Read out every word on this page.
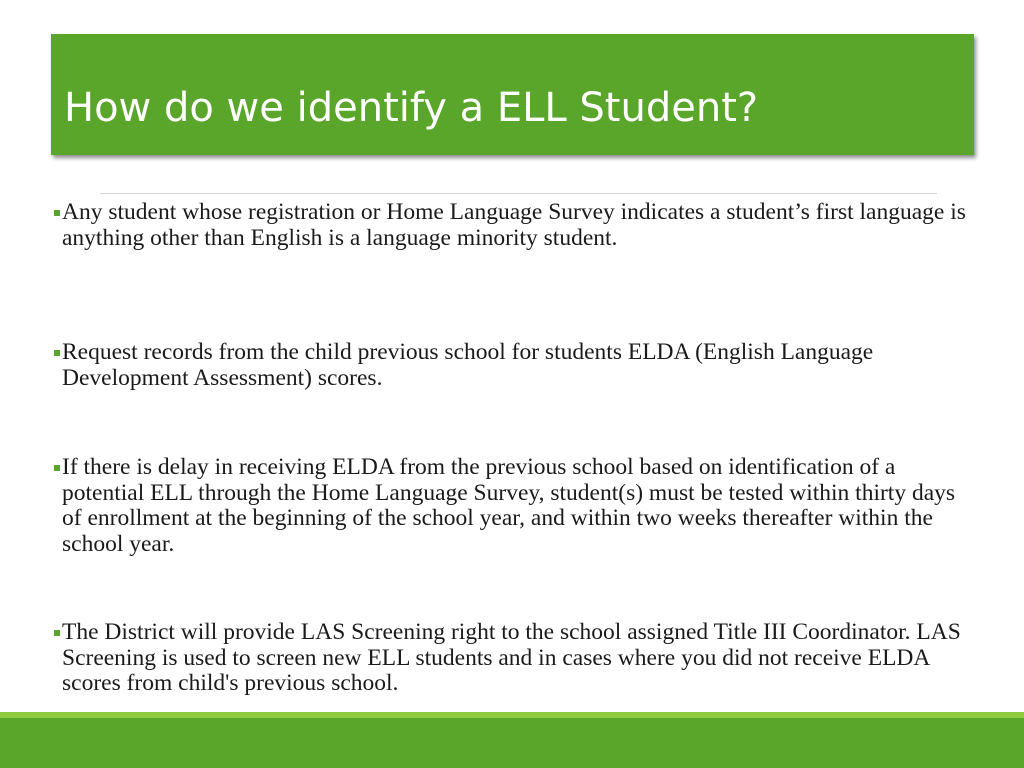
How do we identify a ELL Student?
Any student whose registration or Home Language Survey indicates a student’s first language is anything other than English is a language minority student.
Request records from the child previous school for students ELDA (English Language Development Assessment) scores.
If there is delay in receiving ELDA from the previous school based on identification of a potential ELL through the Home Language Survey, student(s) must be tested within thirty days of enrollment at the beginning of the school year, and within two weeks thereafter within the school year.
The District will provide LAS Screening right to the school assigned Title III Coordinator. LAS Screening is used to screen new ELL students and in cases where you did not receive ELDA scores from child's previous school.
